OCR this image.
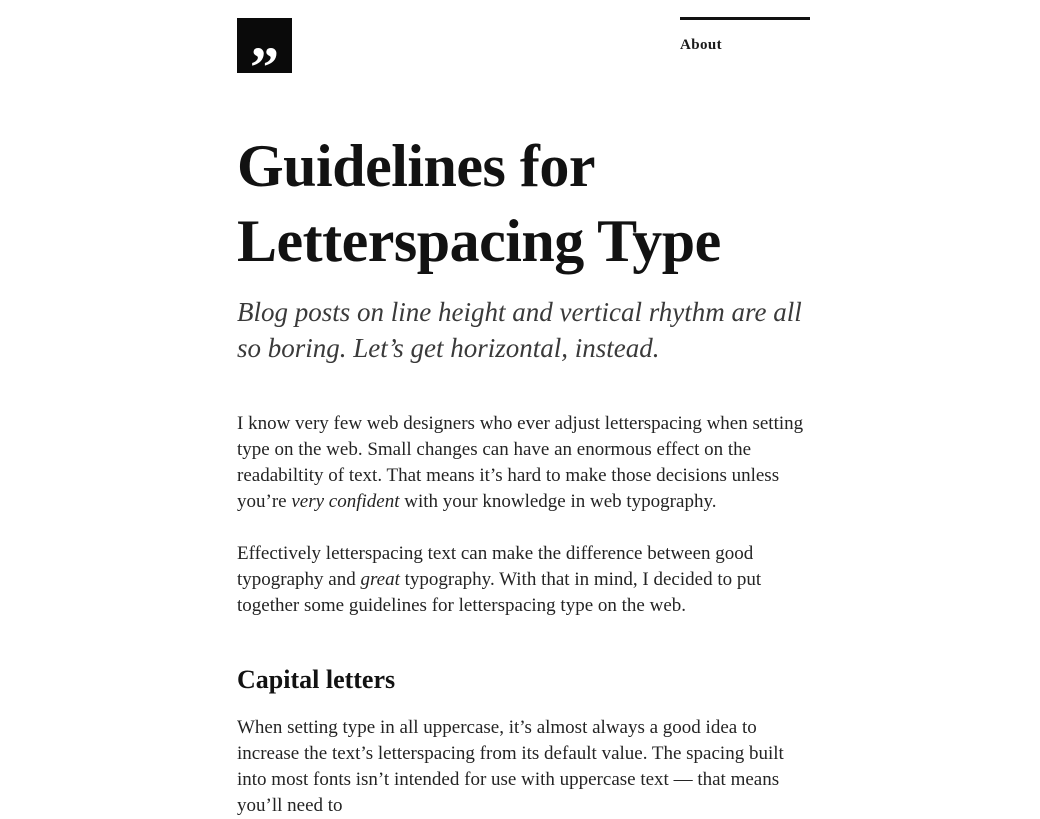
”	About
Guidelines for Letterspacing Type

Blog posts on line height and vertical rhythm are all so boring. Let’s get horizontal, instead.

I know very few web designers who ever adjust letterspacing when setting type on the web. Small changes can have an enormous effect on the readabiltity of text. That means it’s hard to make those decisions unless you’re very confident with your knowledge in web typography.

Effectively letterspacing text can make the difference between good typography and great typography. With that in mind, I decided to put together some guidelines for letterspacing type on the web.

Capital letters

When setting type in all uppercase, it’s almost always a good idea to increase the text’s letterspacing from its default value. The spacing built into most fonts isn’t intended for use with uppercase text — that means you’ll need to
